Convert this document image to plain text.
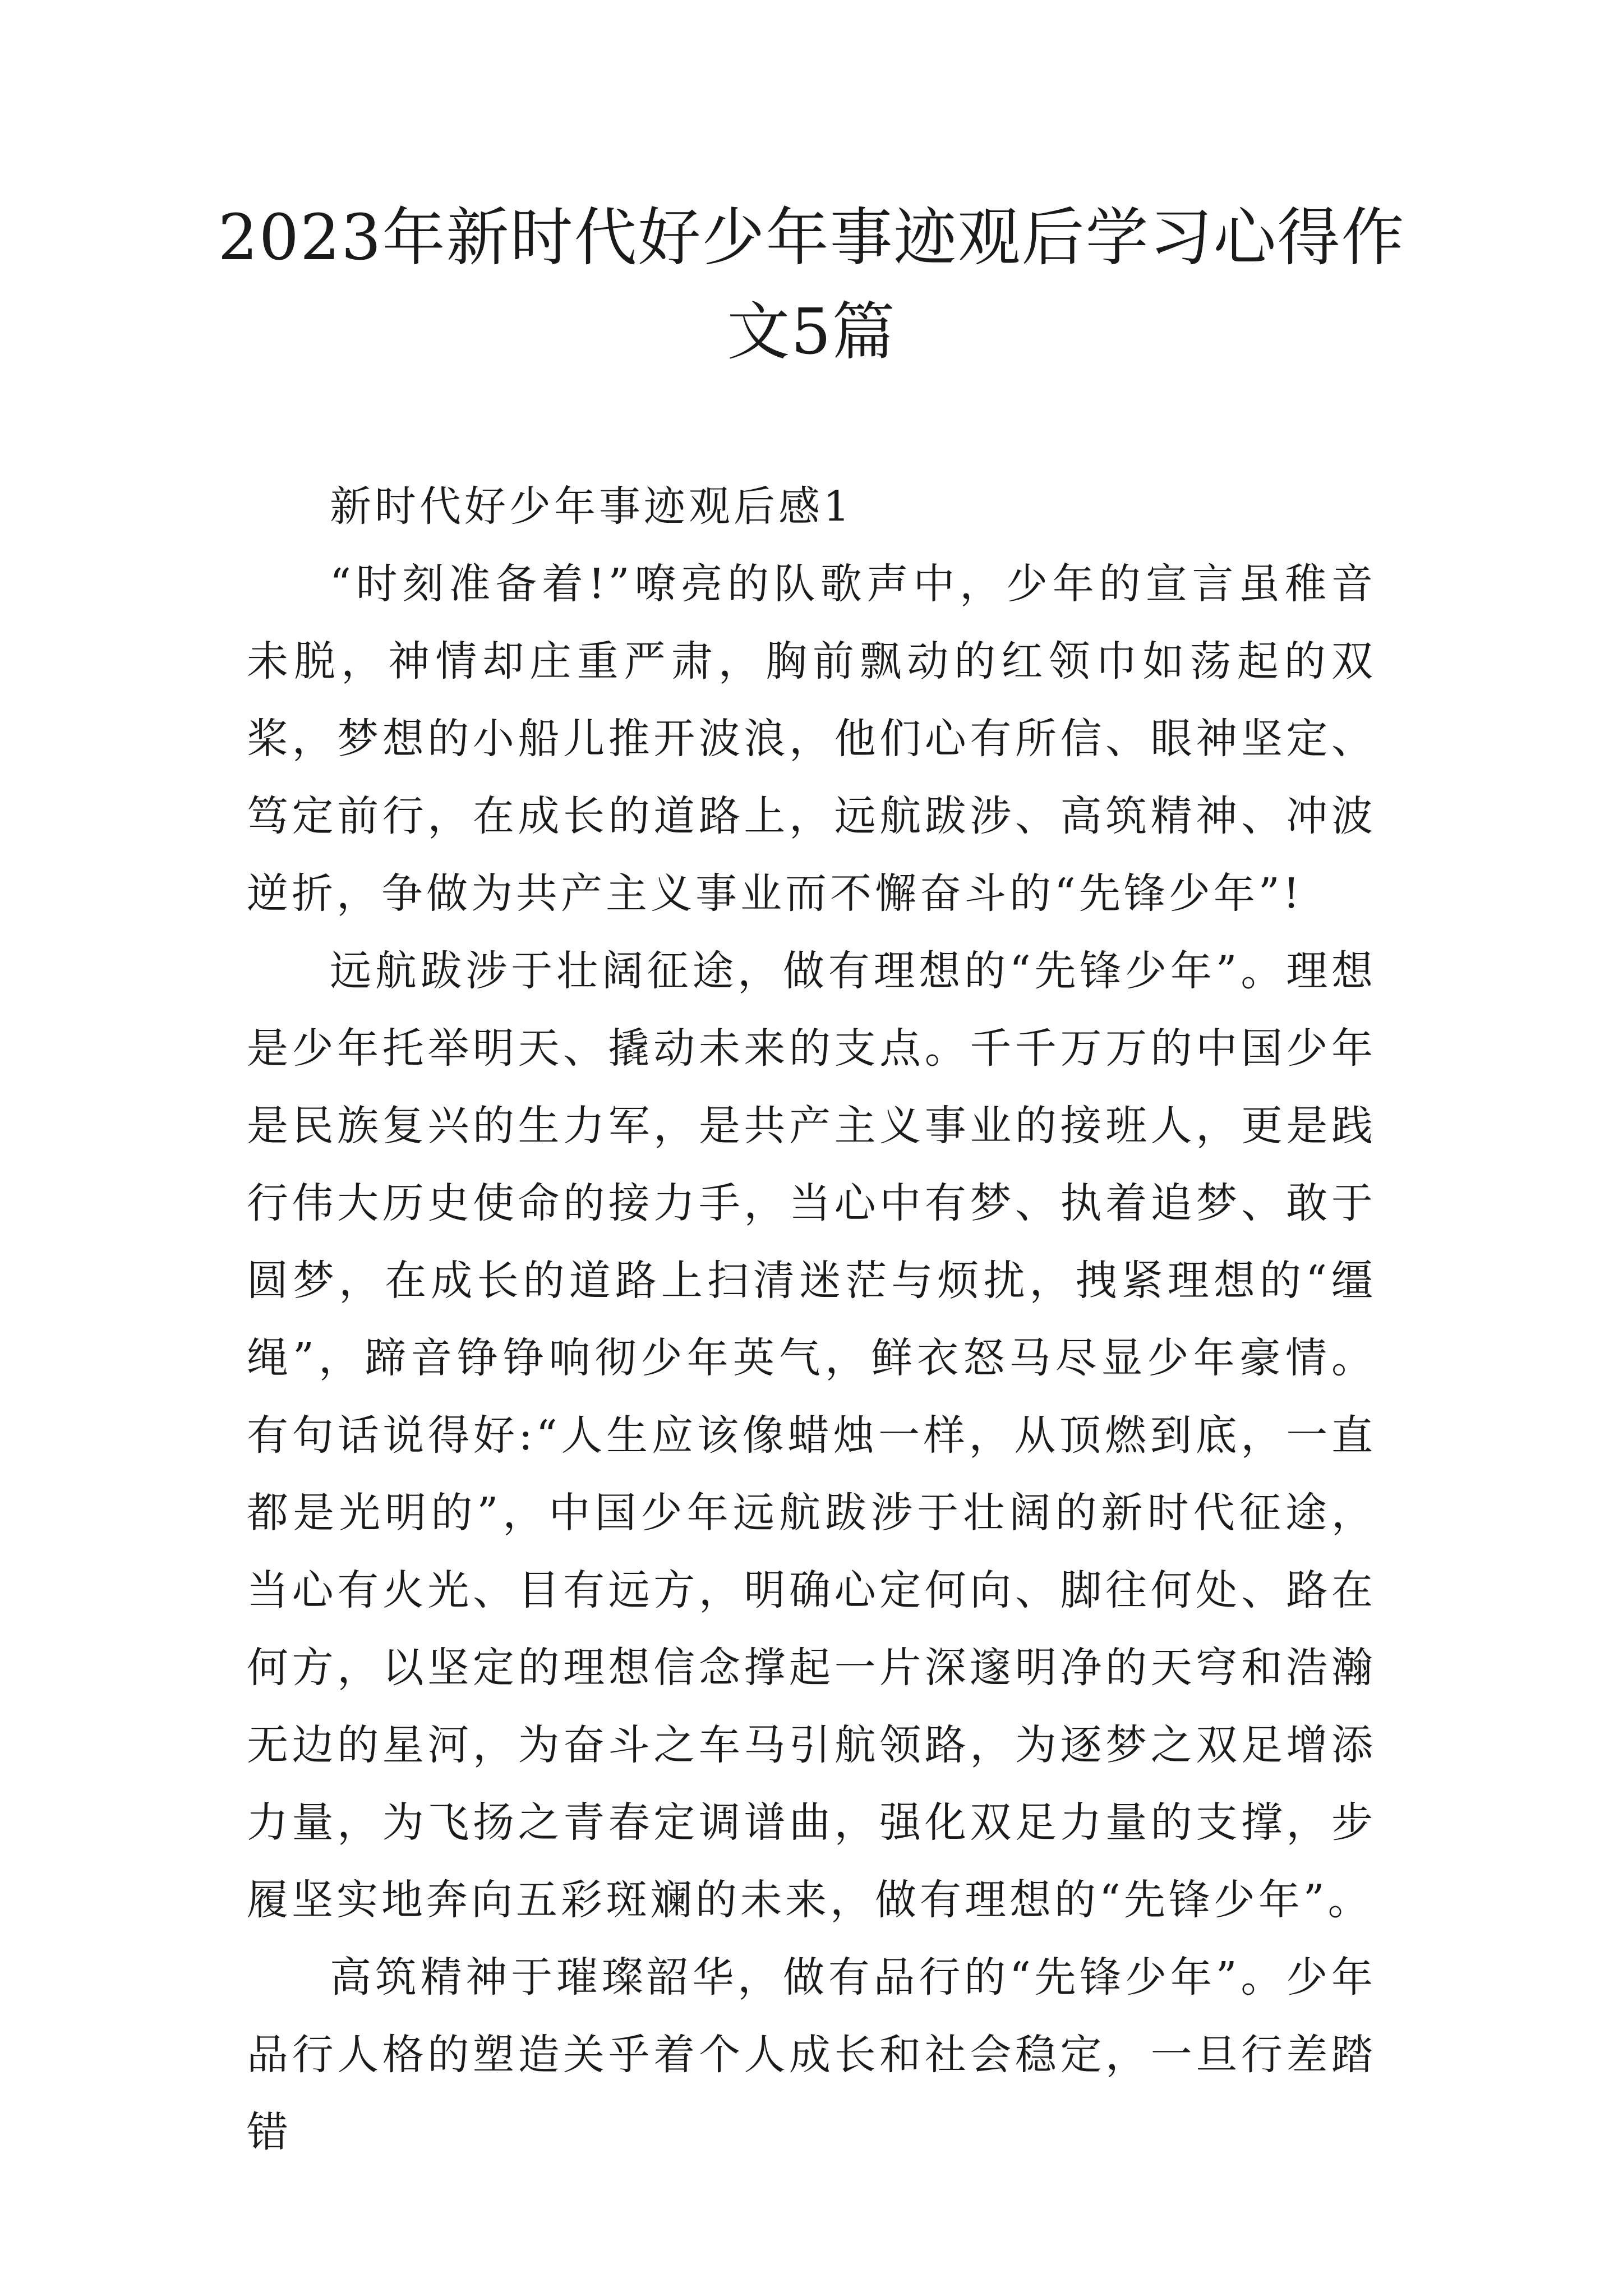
2023年新时代好少年事迹观后学习心得作文5篇

新时代好少年事迹观后感1

“时刻准备着!”嘹亮的队歌声中，少年的宣言虽稚音未脱，神情却庄重严肃，胸前飘动的红领巾如荡起的双桨，梦想的小船儿推开波浪，他们心有所信、眼神坚定、笃定前行，在成长的道路上，远航跋涉、高筑精神、冲波逆折，争做为共产主义事业而不懈奋斗的“先锋少年”!

远航跋涉于壮阔征途，做有理想的“先锋少年”。理想是少年托举明天、撬动未来的支点。千千万万的中国少年是民族复兴的生力军，是共产主义事业的接班人，更是践行伟大历史使命的接力手，当心中有梦、执着追梦、敢于圆梦，在成长的道路上扫清迷茫与烦扰，拽紧理想的“缰绳”，蹄音铮铮响彻少年英气，鲜衣怒马尽显少年豪情。有句话说得好:“人生应该像蜡烛一样，从顶燃到底，一直都是光明的”，中国少年远航跋涉于壮阔的新时代征途，当心有火光、目有远方，明确心定何向、脚往何处、路在何方，以坚定的理想信念撑起一片深邃明净的天穹和浩瀚无边的星河，为奋斗之车马引航领路，为逐梦之双足增添力量，为飞扬之青春定调谱曲，强化双足力量的支撑，步履坚实地奔向五彩斑斓的未来，做有理想的“先锋少年”。

高筑精神于璀璨韶华，做有品行的“先锋少年”。少年品行人格的塑造关乎着个人成长和社会稳定，一旦行差踏错
